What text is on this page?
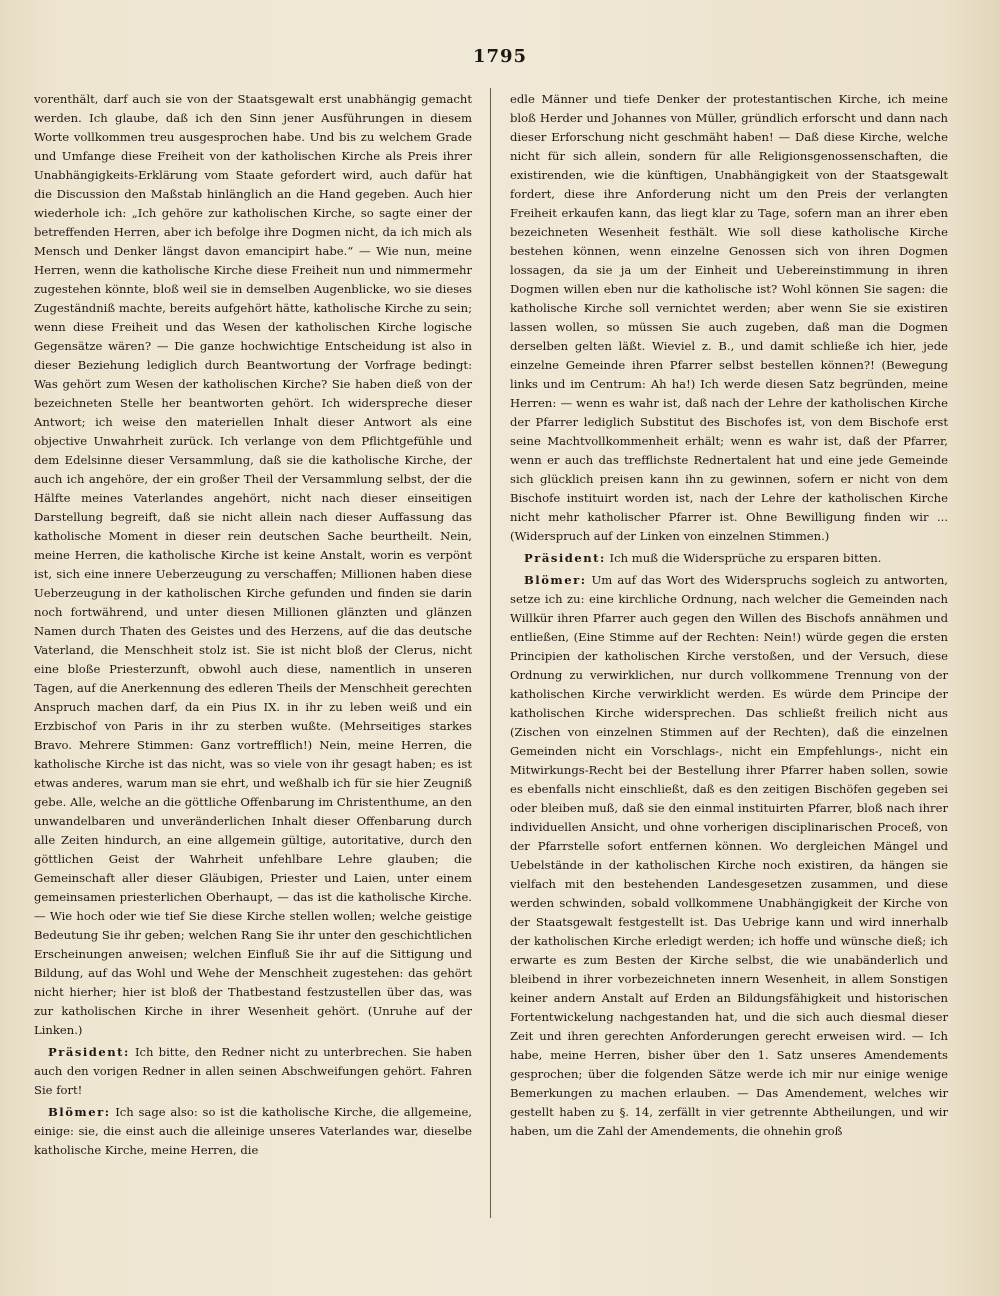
1795

vorenthält, darf auch sie von der Staatsgewalt erst unabhängig gemacht werden. Ich glaube, daß ich den Sinn jener Ausführungen in diesem Worte vollkommen treu ausgesprochen habe. Und bis zu welchem Grade und Umfange diese Freiheit von der katholischen Kirche als Preis ihrer Unabhängigkeits-Erklärung vom Staate gefordert wird, auch dafür hat die Discussion den Maßstab hinlänglich an die Hand gegeben. Auch hier wiederhole ich: „Ich gehöre zur katholischen Kirche, so sagte einer der betreffenden Herren, aber ich befolge ihre Dogmen nicht, da ich mich als Mensch und Denker längst davon emancipirt habe.“ — Wie nun, meine Herren, wenn die katholische Kirche diese Freiheit nun und nimmermehr zugestehen könnte, bloß weil sie in demselben Augenblicke, wo sie dieses Zugeständniß machte, bereits aufgehört hätte, katholische Kirche zu sein; wenn diese Freiheit und das Wesen der katholischen Kirche logische Gegensätze wären? — Die ganze hochwichtige Entscheidung ist also in dieser Beziehung lediglich durch Beantwortung der Vorfrage bedingt: Was gehört zum Wesen der katholischen Kirche? Sie haben dieß von der bezeichneten Stelle her beantworten gehört. Ich widerspreche dieser Antwort; ich weise den materiellen Inhalt dieser Antwort als eine objective Unwahrheit zurück. Ich verlange von dem Pflichtgefühle und dem Edelsinne dieser Versammlung, daß sie die katholische Kirche, der auch ich angehöre, der ein großer Theil der Versammlung selbst, der die Hälfte meines Vaterlandes angehört, nicht nach dieser einseitigen Darstellung begreift, daß sie nicht allein nach dieser Auffassung das katholische Moment in dieser rein deutschen Sache beurtheilt. Nein, meine Herren, die katholische Kirche ist keine Anstalt, worin es verpönt ist, sich eine innere Ueberzeugung zu verschaffen; Millionen haben diese Ueberzeugung in der katholischen Kirche gefunden und finden sie darin noch fortwährend, und unter diesen Millionen glänzten und glänzen Namen durch Thaten des Geistes und des Herzens, auf die das deutsche Vaterland, die Menschheit stolz ist. Sie ist nicht bloß der Clerus, nicht eine bloße Priesterzunft, obwohl auch diese, namentlich in unseren Tagen, auf die Anerkennung des edleren Theils der Menschheit gerechten Anspruch machen darf, da ein Pius IX. in ihr zu leben weiß und ein Erzbischof von Paris in ihr zu sterben wußte. (Mehrseitiges starkes Bravo. Mehrere Stimmen: Ganz vortrefflich!) Nein, meine Herren, die katholische Kirche ist das nicht, was so viele von ihr gesagt haben; es ist etwas anderes, warum man sie ehrt, und weßhalb ich für sie hier Zeugniß gebe. Alle, welche an die göttliche Offenbarung im Christenthume, an den unwandelbaren und unveränderlichen Inhalt dieser Offenbarung durch alle Zeiten hindurch, an eine allgemein gültige, autoritative, durch den göttlichen Geist der Wahrheit unfehlbare Lehre glauben; die Gemeinschaft aller dieser Gläubigen, Priester und Laien, unter einem gemeinsamen priesterlichen Oberhaupt, — das ist die katholische Kirche. — Wie hoch oder wie tief Sie diese Kirche stellen wollen; welche geistige Bedeutung Sie ihr geben; welchen Rang Sie ihr unter den geschichtlichen Erscheinungen anweisen; welchen Einfluß Sie ihr auf die Sittigung und Bildung, auf das Wohl und Wehe der Menschheit zugestehen: das gehört nicht hierher; hier ist bloß der Thatbestand festzustellen über das, was zur katholischen Kirche in ihrer Wesenheit gehört. (Unruhe auf der Linken.)

Präsident: Ich bitte, den Redner nicht zu unterbrechen. Sie haben auch den vorigen Redner in allen seinen Abschweifungen gehört. Fahren Sie fort!

Blömer: Ich sage also: so ist die katholische Kirche, die allgemeine, einige: sie, die einst auch die alleinige unseres Vaterlandes war, dieselbe katholische Kirche, meine Herren, die

edle Männer und tiefe Denker der protestantischen Kirche, ich meine bloß Herder und Johannes von Müller, gründlich erforscht und dann nach dieser Erforschung nicht geschmäht haben! — Daß diese Kirche, welche nicht für sich allein, sondern für alle Religionsgenossenschaften, die existirenden, wie die künftigen, Unabhängigkeit von der Staatsgewalt fordert, diese ihre Anforderung nicht um den Preis der verlangten Freiheit erkaufen kann, das liegt klar zu Tage, sofern man an ihrer eben bezeichneten Wesenheit festhält. Wie soll diese katholische Kirche bestehen können, wenn einzelne Genossen sich von ihren Dogmen lossagen, da sie ja um der Einheit und Uebereinstimmung in ihren Dogmen willen eben nur die katholische ist? Wohl können Sie sagen: die katholische Kirche soll vernichtet werden; aber wenn Sie sie existiren lassen wollen, so müssen Sie auch zugeben, daß man die Dogmen derselben gelten läßt. Wieviel z. B., und damit schließe ich hier, jede einzelne Gemeinde ihren Pfarrer selbst bestellen können?! (Bewegung links und im Centrum: Ah ha!) Ich werde diesen Satz begründen, meine Herren: — wenn es wahr ist, daß nach der Lehre der katholischen Kirche der Pfarrer lediglich Substitut des Bischofes ist, von dem Bischofe erst seine Machtvollkommenheit erhält; wenn es wahr ist, daß der Pfarrer, wenn er auch das trefflichste Rednertalent hat und eine jede Gemeinde sich glücklich preisen kann ihn zu gewinnen, sofern er nicht von dem Bischofe instituirt worden ist, nach der Lehre der katholischen Kirche nicht mehr katholischer Pfarrer ist. Ohne Bewilligung finden wir ... (Widerspruch auf der Linken von einzelnen Stimmen.)

Präsident: Ich muß die Widersprüche zu ersparen bitten.

Blömer: Um auf das Wort des Widerspruchs sogleich zu antworten, setze ich zu: eine kirchliche Ordnung, nach welcher die Gemeinden nach Willkür ihren Pfarrer auch gegen den Willen des Bischofs annähmen und entließen, (Eine Stimme auf der Rechten: Nein!) würde gegen die ersten Principien der katholischen Kirche verstoßen, und der Versuch, diese Ordnung zu verwirklichen, nur durch vollkommene Trennung von der katholischen Kirche verwirklicht werden. Es würde dem Principe der katholischen Kirche widersprechen. Das schließt freilich nicht aus (Zischen von einzelnen Stimmen auf der Rechten), daß die einzelnen Gemeinden nicht ein Vorschlags-, nicht ein Empfehlungs-, nicht ein Mitwirkungs-Recht bei der Bestellung ihrer Pfarrer haben sollen, sowie es ebenfalls nicht einschließt, daß es den zeitigen Bischöfen gegeben sei oder bleiben muß, daß sie den einmal instituirten Pfarrer, bloß nach ihrer individuellen Ansicht, und ohne vorherigen disciplinarischen Proceß, von der Pfarrstelle sofort entfernen können. Wo dergleichen Mängel und Uebelstände in der katholischen Kirche noch existiren, da hängen sie vielfach mit den bestehenden Landesgesetzen zusammen, und diese werden schwinden, sobald vollkommene Unabhängigkeit der Kirche von der Staatsgewalt festgestellt ist. Das Uebrige kann und wird innerhalb der katholischen Kirche erledigt werden; ich hoffe und wünsche dieß; ich erwarte es zum Besten der Kirche selbst, die wie unabänderlich und bleibend in ihrer vorbezeichneten innern Wesenheit, in allem Sonstigen keiner andern Anstalt auf Erden an Bildungsfähigkeit und historischen Fortentwickelung nachgestanden hat, und die sich auch diesmal dieser Zeit und ihren gerechten Anforderungen gerecht erweisen wird. — Ich habe, meine Herren, bisher über den 1. Satz unseres Amendements gesprochen; über die folgenden Sätze werde ich mir nur einige wenige Bemerkungen zu machen erlauben. — Das Amendement, welches wir gestellt haben zu §. 14, zerfällt in vier getrennte Abtheilungen, und wir haben, um die Zahl der Amendements, die ohnehin groß
